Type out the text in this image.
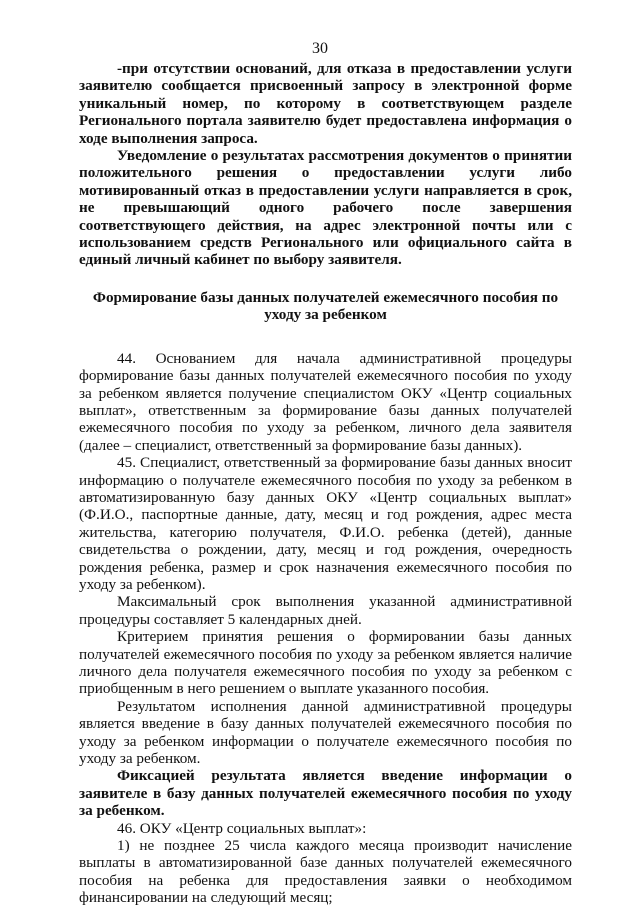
30

-при отсутствии оснований, для отказа в предоставлении услуги заявителю сообщается присвоенный запросу в электронной форме уникальный номер, по которому в соответствующем разделе Регионального портала заявителю будет предоставлена информация о ходе выполнения запроса.

Уведомление о результатах рассмотрения документов о принятии положительного решения о предоставлении услуги либо мотивированный отказ в предоставлении услуги направляется в срок, не превышающий одного рабочего после завершения соответствующего действия, на адрес электронной почты или с использованием средств Регионального или официального сайта в единый личный кабинет по выбору заявителя.

Формирование базы данных получателей ежемесячного пособия по уходу за ребенком

44. Основанием для начала административной процедуры формирование базы данных получателей ежемесячного пособия по уходу за ребенком является получение специалистом ОКУ «Центр социальных выплат», ответственным за формирование базы данных получателей ежемесячного пособия по уходу за ребенком, личного дела заявителя (далее – специалист, ответственный за формирование базы данных).

45. Специалист, ответственный за формирование базы данных вносит информацию о получателе ежемесячного пособия по уходу за ребенком в автоматизированную базу данных ОКУ «Центр социальных выплат» (Ф.И.О., паспортные данные, дату, месяц и год рождения, адрес места жительства, категорию получателя, Ф.И.О. ребенка (детей), данные свидетельства о рождении, дату, месяц и год рождения, очередность рождения ребенка, размер и срок назначения ежемесячного пособия по уходу за ребенком).

Максимальный срок выполнения указанной административной процедуры составляет 5 календарных дней.

Критерием принятия решения о формировании базы данных получателей ежемесячного пособия по уходу за ребенком является наличие личного дела получателя ежемесячного пособия по уходу за ребенком с приобщенным в него решением о выплате указанного пособия.

Результатом исполнения данной административной процедуры является введение в базу данных получателей ежемесячного пособия по уходу за ребенком информации о получателе ежемесячного пособия по уходу за ребенком.

Фиксацией результата является введение информации о заявителе в базу данных получателей ежемесячного пособия по уходу за ребенком.

46. ОКУ «Центр социальных выплат»:

1) не позднее 25 числа каждого месяца производит начисление выплаты в автоматизированной базе данных получателей ежемесячного пособия на ребенка для предоставления заявки о необходимом финансировании на следующий месяц;
